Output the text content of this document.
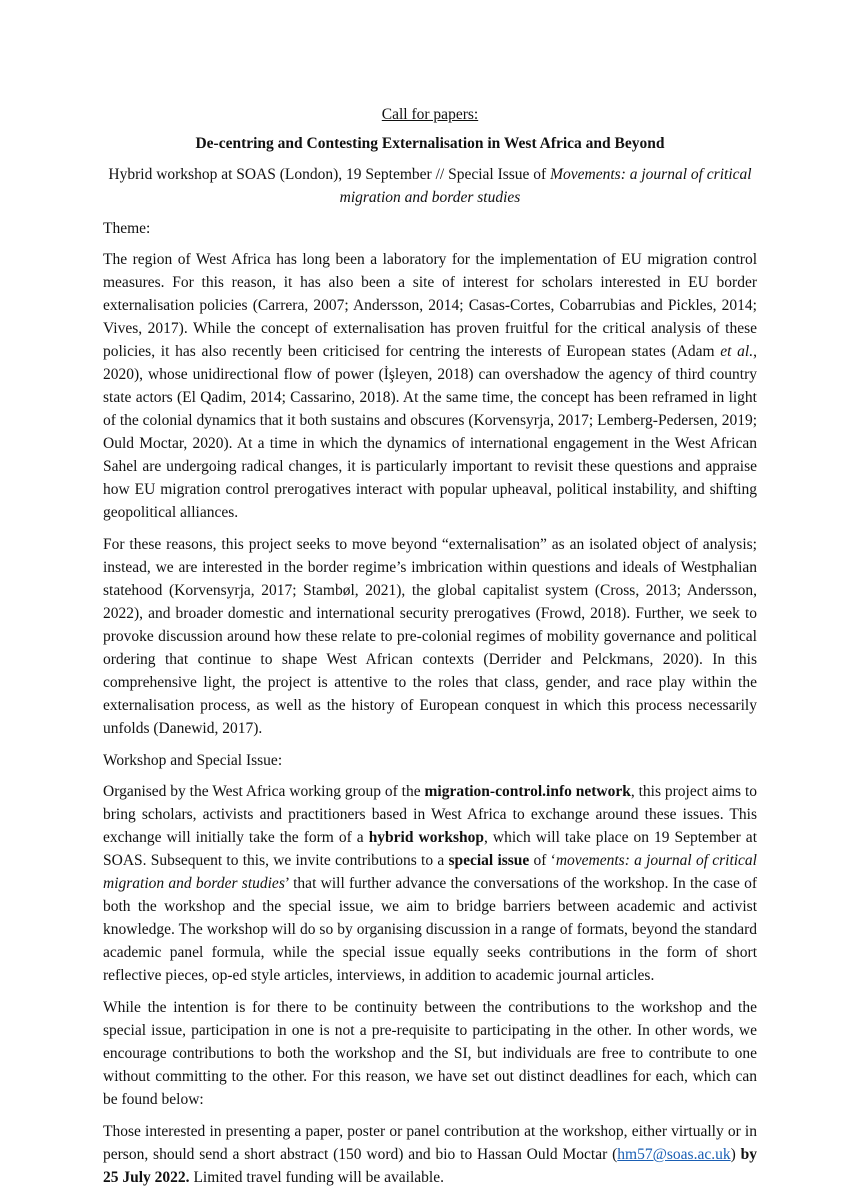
Call for papers:
De-centring and Contesting Externalisation in West Africa and Beyond
Hybrid workshop at SOAS (London), 19 September // Special Issue of Movements: a journal of critical migration and border studies
Theme:

The region of West Africa has long been a laboratory for the implementation of EU migration control measures. For this reason, it has also been a site of interest for scholars interested in EU border externalisation policies (Carrera, 2007; Andersson, 2014; Casas-Cortes, Cobarrubias and Pickles, 2014; Vives, 2017). While the concept of externalisation has proven fruitful for the critical analysis of these policies, it has also recently been criticised for centring the interests of European states (Adam et al., 2020), whose unidirectional flow of power (İşleyen, 2018) can overshadow the agency of third country state actors (El Qadim, 2014; Cassarino, 2018). At the same time, the concept has been reframed in light of the colonial dynamics that it both sustains and obscures (Korvensyrja, 2017; Lemberg-Pedersen, 2019; Ould Moctar, 2020). At a time in which the dynamics of international engagement in the West African Sahel are undergoing radical changes, it is particularly important to revisit these questions and appraise how EU migration control prerogatives interact with popular upheaval, political instability, and shifting geopolitical alliances.

For these reasons, this project seeks to move beyond “externalisation” as an isolated object of analysis; instead, we are interested in the border regime’s imbrication within questions and ideals of Westphalian statehood (Korvensyrja, 2017; Stambøl, 2021), the global capitalist system (Cross, 2013; Andersson, 2022), and broader domestic and international security prerogatives (Frowd, 2018). Further, we seek to provoke discussion around how these relate to pre-colonial regimes of mobility governance and political ordering that continue to shape West African contexts (Derrider and Pelckmans, 2020). In this comprehensive light, the project is attentive to the roles that class, gender, and race play within the externalisation process, as well as the history of European conquest in which this process necessarily unfolds (Danewid, 2017).

Workshop and Special Issue:

Organised by the West Africa working group of the migration-control.info network, this project aims to bring scholars, activists and practitioners based in West Africa to exchange around these issues. This exchange will initially take the form of a hybrid workshop, which will take place on 19 September at SOAS. Subsequent to this, we invite contributions to a special issue of ‘movements: a journal of critical migration and border studies’ that will further advance the conversations of the workshop. In the case of both the workshop and the special issue, we aim to bridge barriers between academic and activist knowledge. The workshop will do so by organising discussion in a range of formats, beyond the standard academic panel formula, while the special issue equally seeks contributions in the form of short reflective pieces, op-ed style articles, interviews, in addition to academic journal articles.

While the intention is for there to be continuity between the contributions to the workshop and the special issue, participation in one is not a pre-requisite to participating in the other. In other words, we encourage contributions to both the workshop and the SI, but individuals are free to contribute to one without committing to the other. For this reason, we have set out distinct deadlines for each, which can be found below:

Those interested in presenting a paper, poster or panel contribution at the workshop, either virtually or in person, should send a short abstract (150 word) and bio to Hassan Ould Moctar (hm57@soas.ac.uk) by 25 July 2022. Limited travel funding will be available.
